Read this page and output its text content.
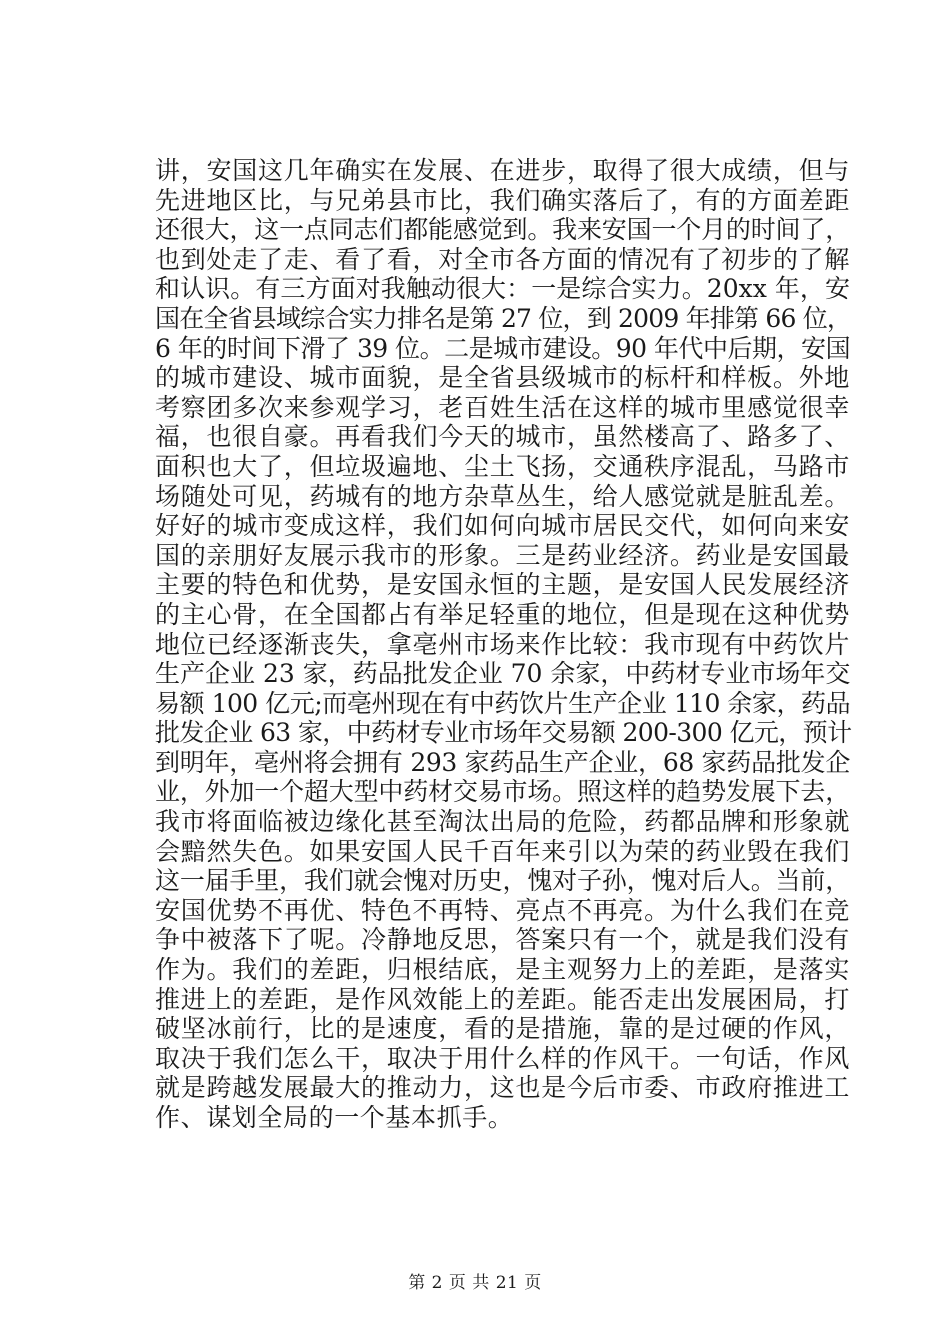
讲，安国这几年确实在发展、在进步，取得了很大成绩，但与
先进地区比，与兄弟县市比，我们确实落后了，有的方面差距
还很大，这一点同志们都能感觉到。我来安国一个月的时间了，
也到处走了走、看了看，对全市各方面的情况有了初步的了解
和认识。有三方面对我触动很大：一是综合实力。20xx 年，安
国在全省县域综合实力排名是第 27 位，到 2009 年排第 66 位，
6 年的时间下滑了 39 位。二是城市建设。90 年代中后期，安国
的城市建设、城市面貌，是全省县级城市的标杆和样板。外地
考察团多次来参观学习，老百姓生活在这样的城市里感觉很幸
福，也很自豪。再看我们今天的城市，虽然楼高了、路多了、
面积也大了，但垃圾遍地、尘土飞扬，交通秩序混乱，马路市
场随处可见，药城有的地方杂草丛生，给人感觉就是脏乱差。
好好的城市变成这样，我们如何向城市居民交代，如何向来安
国的亲朋好友展示我市的形象。三是药业经济。药业是安国最
主要的特色和优势，是安国永恒的主题，是安国人民发展经济
的主心骨，在全国都占有举足轻重的地位，但是现在这种优势
地位已经逐渐丧失，拿亳州市场来作比较：我市现有中药饮片
生产企业 23 家，药品批发企业 70 余家，中药材专业市场年交
易额 100 亿元;而亳州现在有中药饮片生产企业 110 余家，药品
批发企业 63 家，中药材专业市场年交易额 200-300 亿元，预计
到明年，亳州将会拥有 293 家药品生产企业，68 家药品批发企
业，外加一个超大型中药材交易市场。照这样的趋势发展下去，
我市将面临被边缘化甚至淘汰出局的危险，药都品牌和形象就
会黯然失色。如果安国人民千百年来引以为荣的药业毁在我们
这一届手里，我们就会愧对历史，愧对子孙，愧对后人。当前，
安国优势不再优、特色不再特、亮点不再亮。为什么我们在竞
争中被落下了呢。冷静地反思，答案只有一个，就是我们没有
作为。我们的差距，归根结底，是主观努力上的差距，是落实
推进上的差距，是作风效能上的差距。能否走出发展困局，打
破坚冰前行，比的是速度，看的是措施，靠的是过硬的作风，
取决于我们怎么干，取决于用什么样的作风干。一句话，作风
就是跨越发展最大的推动力，这也是今后市委、市政府推进工
作、谋划全局的一个基本抓手。
第 2 页 共 21 页
